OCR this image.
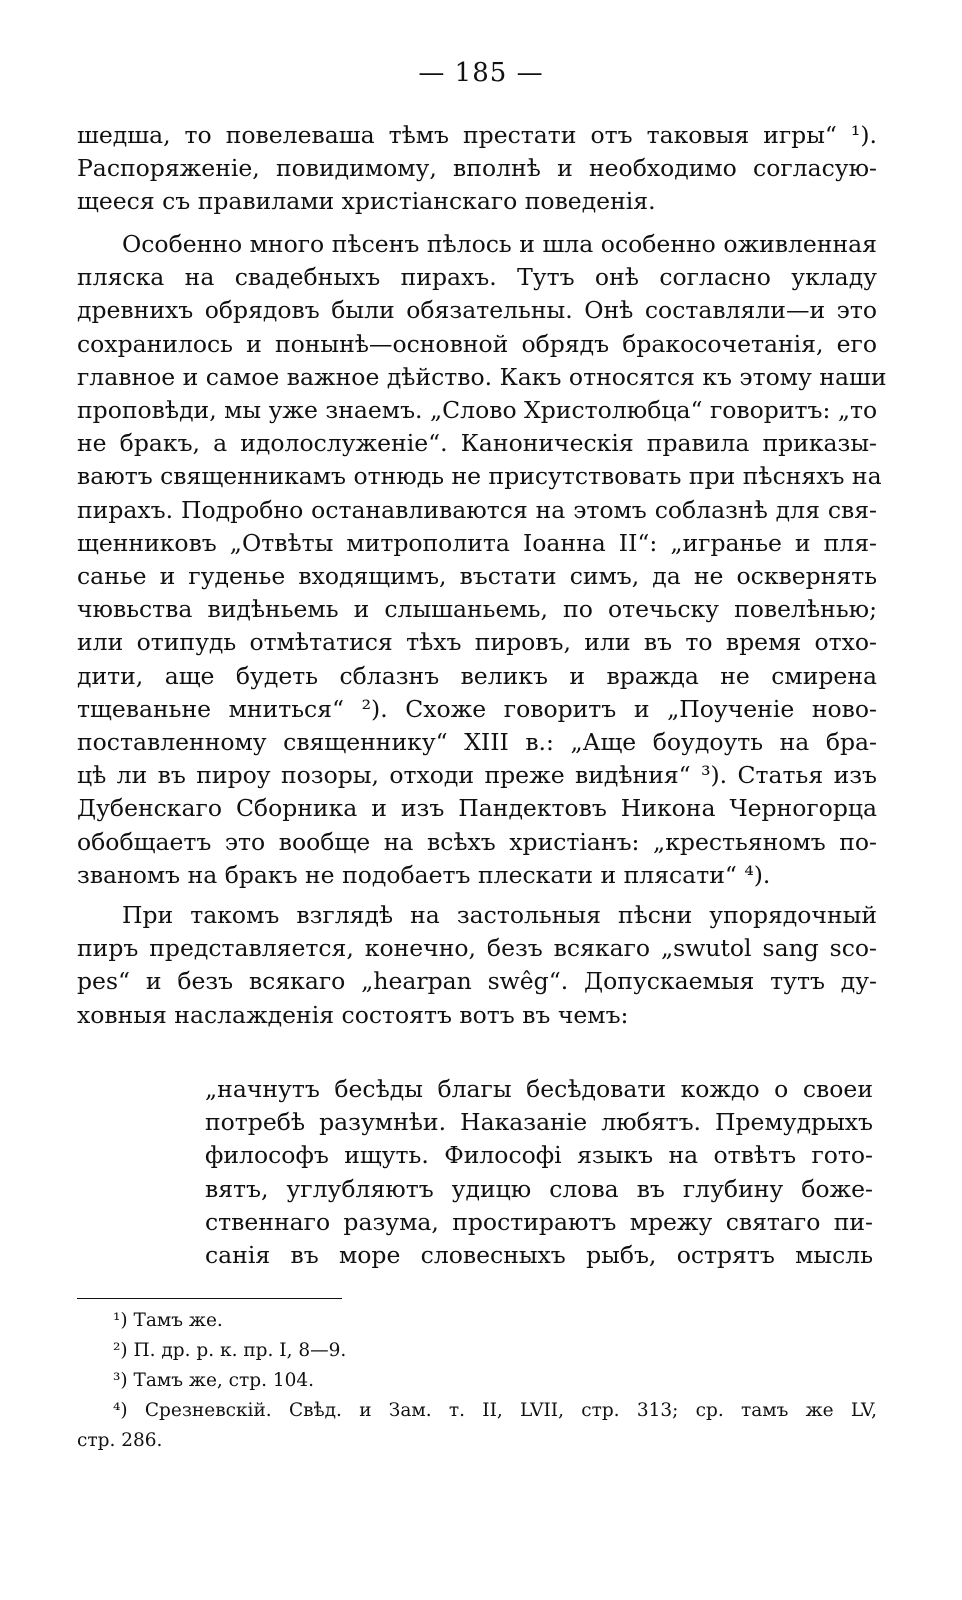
— 185 —
шедша, то повелеваша тѣмъ престати отъ таковыя игры“ ¹).
Распоряженіе, повидимому, вполнѣ и необходимо согласую-
щееся съ правилами христіанскаго поведенія.
Особенно много пѣсенъ пѣлось и шла особенно оживленная
пляска на свадебныхъ пирахъ. Тутъ онѣ согласно укладу
древнихъ обрядовъ были обязательны. Онѣ составляли—и это
сохранилось и понынѣ—основной обрядъ бракосочетанія, его
главное и самое важное дѣйство. Какъ относятся къ этому наши
проповѣди, мы уже знаемъ. „Слово Христолюбца“ говоритъ: „то
не бракъ, а идолослуженіе“. Каноническія правила приказы-
ваютъ священникамъ отнюдь не присутствовать при пѣсняхъ на
пирахъ. Подробно останавливаются на этомъ соблазнѣ для свя-
щенниковъ „Отвѣты митрополита Іоанна II“: „игранье и пля-
санье и гуденье входящимъ, въстати симъ, да не осквернять
чювьства видѣньемь и слышаньемь, по отечьску повелѣнью;
или отипудь отмѣтатися тѣхъ пировъ, или въ то время отхо-
дити, аще будеть сблазнъ великъ и вражда не смирена
тщеваньне мниться“ ²). Схоже говоритъ и „Поученіе ново-
поставленному священнику“ XIII в.: „Аще боудоуть на бра-
цѣ ли въ пироу позоры, отходи преже видѣния“ ³). Статья изъ
Дубенскаго Сборника и изъ Пандектовъ Никона Черногорца
обобщаетъ это вообще на всѣхъ христіанъ: „крестьяномъ по-
званомъ на бракъ не подобаетъ плескати и плясати“ ⁴).
При такомъ взглядѣ на застольныя пѣсни упорядочный
пиръ представляется, конечно, безъ всякаго „swutol sang sco-
pes“ и безъ всякаго „hearpan swêg“. Допускаемыя тутъ ду-
ховныя наслажденія состоятъ вотъ въ чемъ:
„начнутъ бесѣды благы бесѣдовати кождо о своеи
потребѣ разумнѣи. Наказаніе любятъ. Премудрыхъ
философъ ищуть. Философі языкъ на отвѣтъ гото-
вятъ, углубляютъ удицю слова въ глубину боже-
ственнаго разума, простираютъ мрежу святаго пи-
санія въ море словесныхъ рыбъ, острятъ мысль
¹) Тамъ же.
²) П. др. р. к. пр. I, 8—9.
³) Тамъ же, стр. 104.
⁴) Срезневскій. Свѣд. и Зам. т. II, LVII, стр. 313; ср. тамъ же LV,
стр. 286.
